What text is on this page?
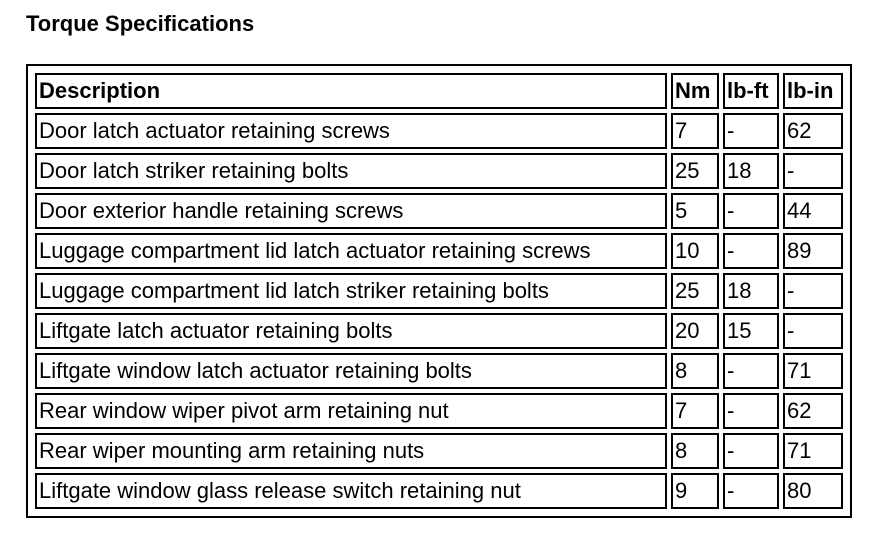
Torque Specifications
Description	Nm	lb-ft	lb-in
Door latch actuator retaining screws	7	-	62
Door latch striker retaining bolts	25	18	-
Door exterior handle retaining screws	5	-	44
Luggage compartment lid latch actuator retaining screws	10	-	89
Luggage compartment lid latch striker retaining bolts	25	18	-
Liftgate latch actuator retaining bolts	20	15	-
Liftgate window latch actuator retaining bolts	8	-	71
Rear window wiper pivot arm retaining nut	7	-	62
Rear wiper mounting arm retaining nuts	8	-	71
Liftgate window glass release switch retaining nut	9	-	80
